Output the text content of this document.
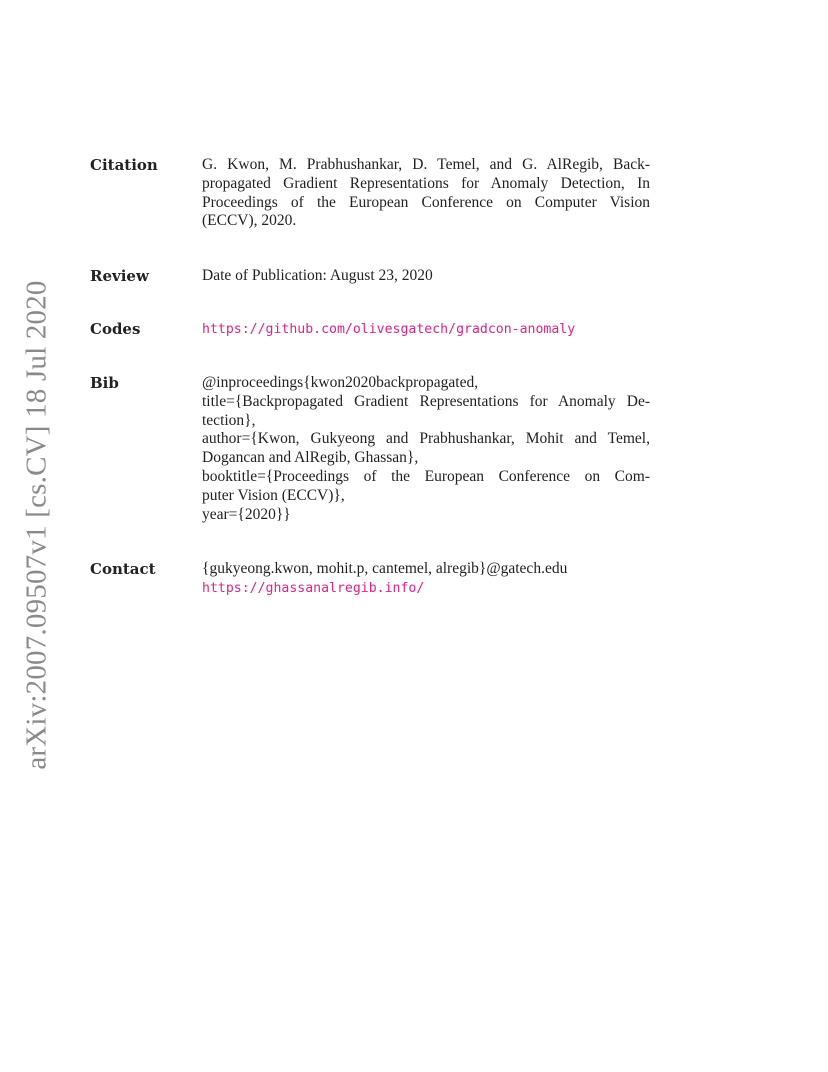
arXiv:2007.09507v1 [cs.CV] 18 Jul 2020
Citation	G. Kwon, M. Prabhushankar, D. Temel, and G. AlRegib, Back-
propagated Gradient Representations for Anomaly Detection, In
Proceedings of the European Conference on Computer Vision
(ECCV), 2020.
Review	Date of Publication: August 23, 2020
Codes	https://github.com/olivesgatech/gradcon-anomaly
Bib	@inproceedings{kwon2020backpropagated,
title={Backpropagated Gradient Representations for Anomaly De-
tection},
author={Kwon, Gukyeong and Prabhushankar, Mohit and Temel,
Dogancan and AlRegib, Ghassan},
booktitle={Proceedings of the European Conference on Com-
puter Vision (ECCV)},
year={2020}}
Contact	{gukyeong.kwon, mohit.p, cantemel, alregib}@gatech.edu
https://ghassanalregib.info/
